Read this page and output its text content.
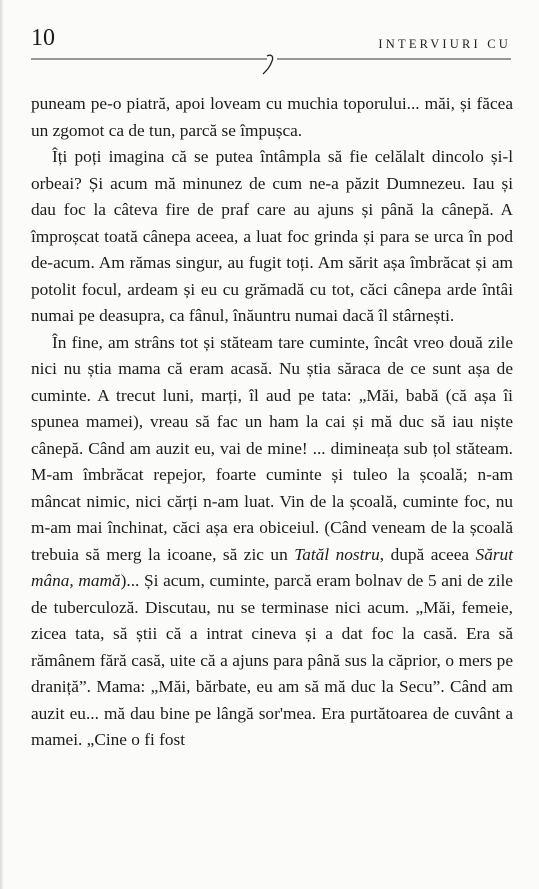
10	INTERVIURI CU

puneam pe-o piatră, apoi loveam cu muchia toporului... măi, și făcea un zgomot ca de tun, parcă se împușca.

Îți poți imagina că se putea întâmpla să fie celălalt dincolo și-l orbeai? Și acum mă minunez de cum ne-a păzit Dumnezeu. Iau și dau foc la câteva fire de praf care au ajuns și până la cânepă. A împroșcat toată cânepa aceea, a luat foc grinda și para se urca în pod de-acum. Am rămas singur, au fugit toți. Am sărit așa îmbrăcat și am potolit focul, ardeam și eu cu grămadă cu tot, căci cânepa arde întâi numai pe deasupra, ca fânul, înăuntru numai dacă îl stârnești.

În fine, am strâns tot și stăteam tare cuminte, încât vreo două zile nici nu știa mama că eram acasă. Nu știa săraca de ce sunt așa de cuminte. A trecut luni, marți, îl aud pe tata: „Măi, babă (că așa îi spunea mamei), vreau să fac un ham la cai și mă duc să iau niște cânepă. Când am auzit eu, vai de mine! ... dimineața sub țol stăteam. M-am îmbrăcat repejor, foarte cuminte și tuleo la școală; n-am mâncat nimic, nici cărți n-am luat. Vin de la școală, cuminte foc, nu m-am mai închinat, căci așa era obiceiul. (Când veneam de la școală trebuia să merg la icoane, să zic un Tatăl nostru, după aceea Sărut mâna, mamă)... Și acum, cuminte, parcă eram bolnav de 5 ani de zile de tuberculoză. Discutau, nu se terminase nici acum. „Măi, femeie, zicea tata, să știi că a intrat cineva și a dat foc la casă. Era să rămânem fără casă, uite că a ajuns para până sus la căprior, o mers pe draniță”. Mama: „Măi, bărbate, eu am să mă duc la Secu”. Când am auzit eu... mă dau bine pe lângă sor'mea. Era purtătoarea de cuvânt a mamei. „Cine o fi fost
